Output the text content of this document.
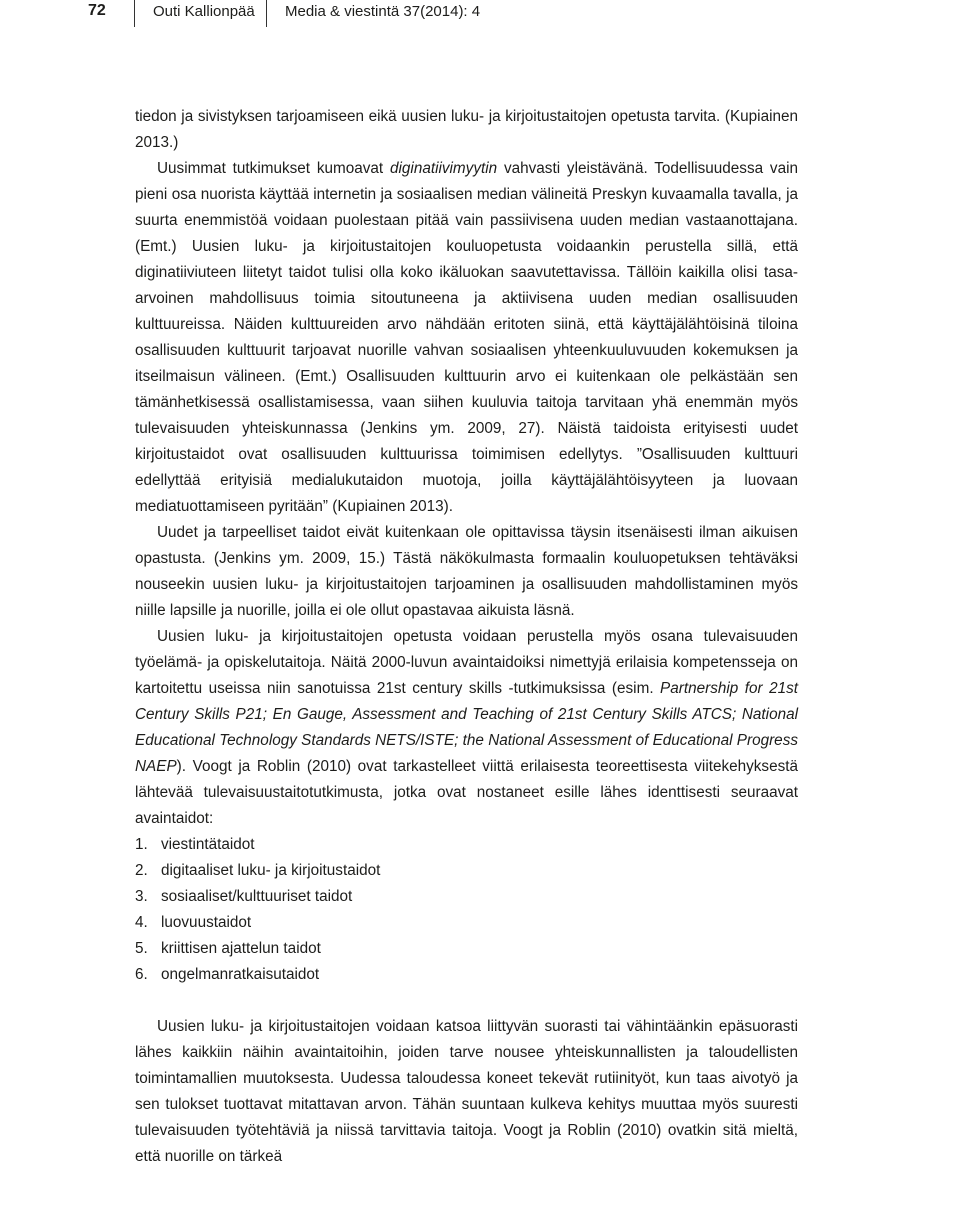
72	Outi Kallionpää Media & viestintä 37(2014): 4

tiedon ja sivistyksen tarjoamiseen eikä uusien luku- ja kirjoitustaitojen opetusta tarvita. (Kupiainen 2013.)

Uusimmat tutkimukset kumoavat diginatiivimyytin vahvasti yleistävänä. Todellisuudessa vain pieni osa nuorista käyttää internetin ja sosiaalisen median välineitä Preskyn kuvaamalla tavalla, ja suurta enemmistöä voidaan puolestaan pitää vain passiivisena uuden median vastaanottajana. (Emt.) Uusien luku- ja kirjoitustaitojen kouluopetusta voidaankin perustella sillä, että diginatiiviuteen liitetyt taidot tulisi olla koko ikäluokan saavutettavissa. Tällöin kaikilla olisi tasa-arvoinen mahdollisuus toimia sitoutuneena ja aktiivisena uuden median osallisuuden kulttuureissa. Näiden kulttuureiden arvo nähdään eritoten siinä, että käyttäjälähtöisinä tiloina osallisuuden kulttuurit tarjoavat nuorille vahvan sosiaalisen yhteenkuuluvuuden kokemuksen ja itseilmaisun välineen. (Emt.) Osallisuuden kulttuurin arvo ei kuitenkaan ole pelkästään sen tämänhetkisessä osallistamisessa, vaan siihen kuuluvia taitoja tarvitaan yhä enemmän myös tulevaisuuden yhteiskunnassa (Jenkins ym. 2009, 27). Näistä taidoista erityisesti uudet kirjoitustaidot ovat osallisuuden kulttuurissa toimimisen edellytys. ”Osallisuuden kulttuuri edellyttää erityisiä medialukutaidon muotoja, joilla käyttäjälähtöisyyteen ja luovaan mediatuottamiseen pyritään” (Kupiainen 2013).

Uudet ja tarpeelliset taidot eivät kuitenkaan ole opittavissa täysin itsenäisesti ilman aikuisen opastusta. (Jenkins ym. 2009, 15.) Tästä näkökulmasta formaalin kouluopetuksen tehtäväksi nouseekin uusien luku- ja kirjoitustaitojen tarjoaminen ja osallisuuden mahdollistaminen myös niille lapsille ja nuorille, joilla ei ole ollut opastavaa aikuista läsnä.

Uusien luku- ja kirjoitustaitojen opetusta voidaan perustella myös osana tulevaisuuden työelämä- ja opiskelutaitoja. Näitä 2000-luvun avaintaidoiksi nimettyjä erilaisia kompetensseja on kartoitettu useissa niin sanotuissa 21st century skills -tutkimuksissa (esim. Partnership for 21st Century Skills P21; En Gauge, Assessment and Teaching of 21st Century Skills ATCS; National Educational Technology Standards NETS/ISTE; the National Assessment of Educational Progress NAEP). Voogt ja Roblin (2010) ovat tarkastelleet viittä erilaisesta teoreettisesta viitekehyksestä lähtevää tulevaisuustaitotutkimusta, jotka ovat nostaneet esille lähes identtisesti seuraavat avaintaidot:

1. viestintätaidot
2. digitaaliset luku- ja kirjoitustaidot
3. sosiaaliset/kulttuuriset taidot
4. luovuustaidot
5. kriittisen ajattelun taidot
6. ongelmanratkaisutaidot

Uusien luku- ja kirjoitustaitojen voidaan katsoa liittyvän suorasti tai vähintäänkin epäsuorasti lähes kaikkiin näihin avaintaitoihin, joiden tarve nousee yhteiskunnallisten ja taloudellisten toimintamallien muutoksesta. Uudessa taloudessa koneet tekevät rutiinityöt, kun taas aivotyö ja sen tulokset tuottavat mitattavan arvon. Tähän suuntaan kulkeva kehitys muuttaa myös suuresti tulevaisuuden työtehtäviä ja niissä tarvittavia taitoja. Voogt ja Roblin (2010) ovatkin sitä mieltä, että nuorille on tärkeä
